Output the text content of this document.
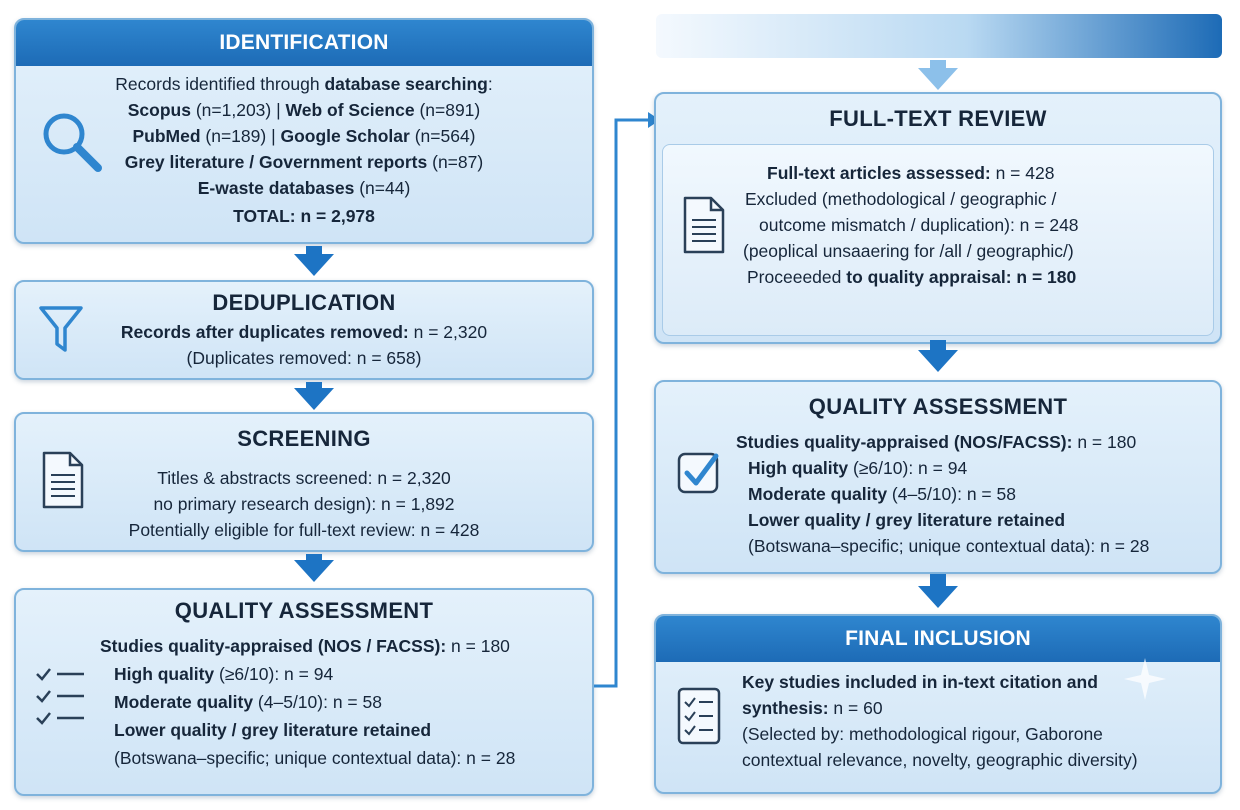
IDENTIFICATION
Records identified through database searching:
Scopus (n=1,203) | Web of Science (n=891)
PubMed (n=189) | Google Scholar (n=564)
Grey literature / Government reports (n=87)
E-waste databases (n=44)
TOTAL: n = 2,978
DEDUPLICATION
Records after duplicates removed: n = 2,320
(Duplicates removed: n = 658)
SCREENING
Titles & abstracts screened: n = 2,320
no primary research design): n = 1,892
Potentially eligible for full-text review: n = 428
QUALITY ASSESSMENT
Studies quality-appraised (NOS / FACSS): n = 180
High quality (≥6/10): n = 94
Moderate quality (4–5/10): n = 58
Lower quality / grey literature retained
(Botswana–specific; unique contextual data): n = 28
FULL-TEXT REVIEW
Full-text articles assessed: n = 428
Excluded (methodological / geographic /
outcome mismatch / duplication): n = 248
(peoplical unsaaering for /all / geographic/)
Proceeeded to quality appraisal: n = 180
QUALITY ASSESSMENT
Studies quality-appraised (NOS/FACSS): n = 180
High quality (≥6/10): n = 94
Moderate quality (4–5/10): n = 58
Lower quality / grey literature retained
(Botswana–specific; unique contextual data): n = 28
FINAL INCLUSION
Key studies included in in-text citation and
synthesis: n = 60
(Selected by: methodological rigour, Gaborone
contextual relevance, novelty, geographic diversity)
